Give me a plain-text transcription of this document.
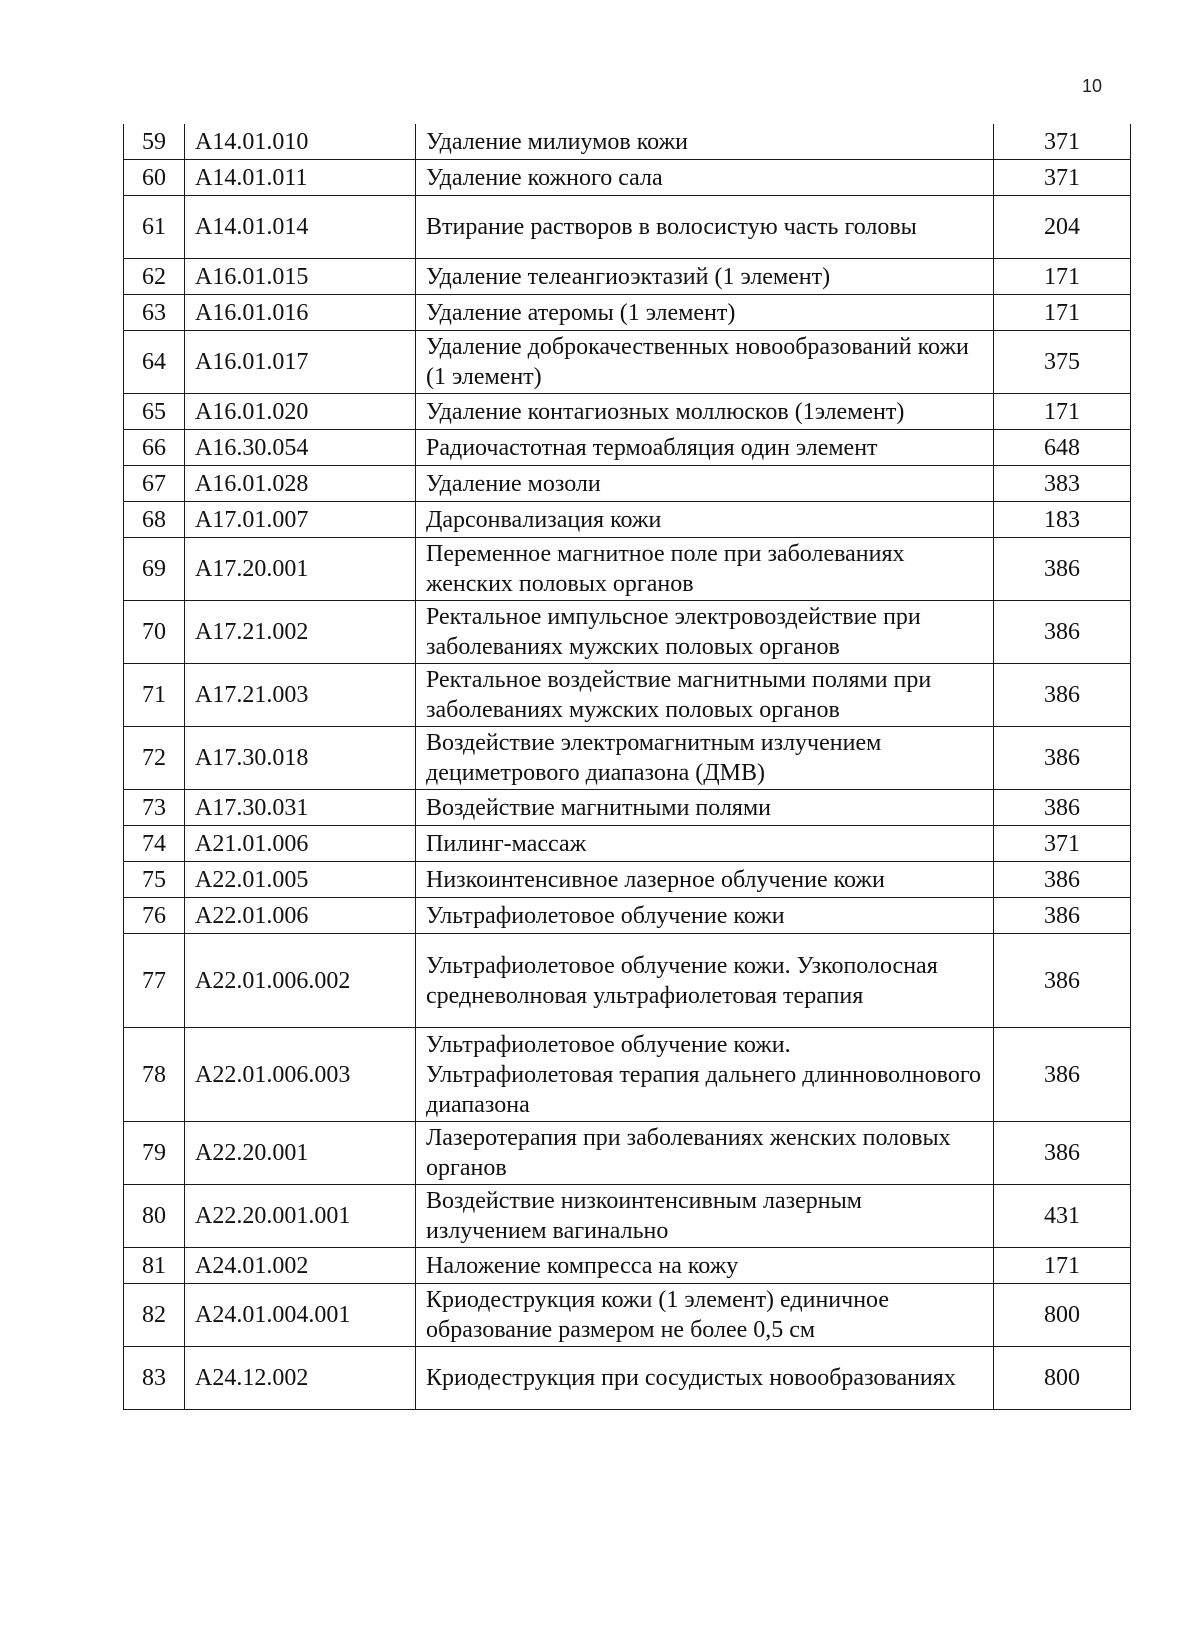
10
59	A14.01.010	Удаление милиумов кожи	371
60	A14.01.011	Удаление кожного сала	371
61	A14.01.014	Втирание растворов в волосистую часть головы	204
62	A16.01.015	Удаление телеангиоэктазий (1 элемент)	171
63	A16.01.016	Удаление атеромы (1 элемент)	171
64	A16.01.017	Удаление доброкачественных новообразований кожи (1 элемент)	375
65	A16.01.020	Удаление контагиозных моллюсков (1элемент)	171
66	A16.30.054	Радиочастотная термоабляция один элемент	648
67	A16.01.028	Удаление мозоли	383
68	A17.01.007	Дарсонвализация кожи	183
69	A17.20.001	Переменное магнитное поле при заболеваниях женских половых органов	386
70	A17.21.002	Ректальное импульсное электровоздействие при заболеваниях мужских половых органов	386
71	A17.21.003	Ректальное воздействие магнитными полями при заболеваниях мужских половых органов	386
72	A17.30.018	Воздействие электромагнитным излучением дециметрового диапазона (ДМВ)	386
73	A17.30.031	Воздействие магнитными полями	386
74	A21.01.006	Пилинг-массаж	371
75	A22.01.005	Низкоинтенсивное лазерное облучение кожи	386
76	A22.01.006	Ультрафиолетовое облучение кожи	386
77	A22.01.006.002	Ультрафиолетовое облучение кожи. Узкополосная средневолновая ультрафиолетовая терапия	386
78	A22.01.006.003	Ультрафиолетовое облучение кожи. Ультрафиолетовая терапия дальнего длинноволнового диапазона	386
79	A22.20.001	Лазеротерапия при заболеваниях женских половых органов	386
80	A22.20.001.001	Воздействие низкоинтенсивным лазерным излучением вагинально	431
81	A24.01.002	Наложение компресса на кожу	171
82	A24.01.004.001	Криодеструкция кожи (1 элемент) единичное образование размером не более 0,5 см	800
83	A24.12.002	Криодеструкция при сосудистых новообразованиях	800
